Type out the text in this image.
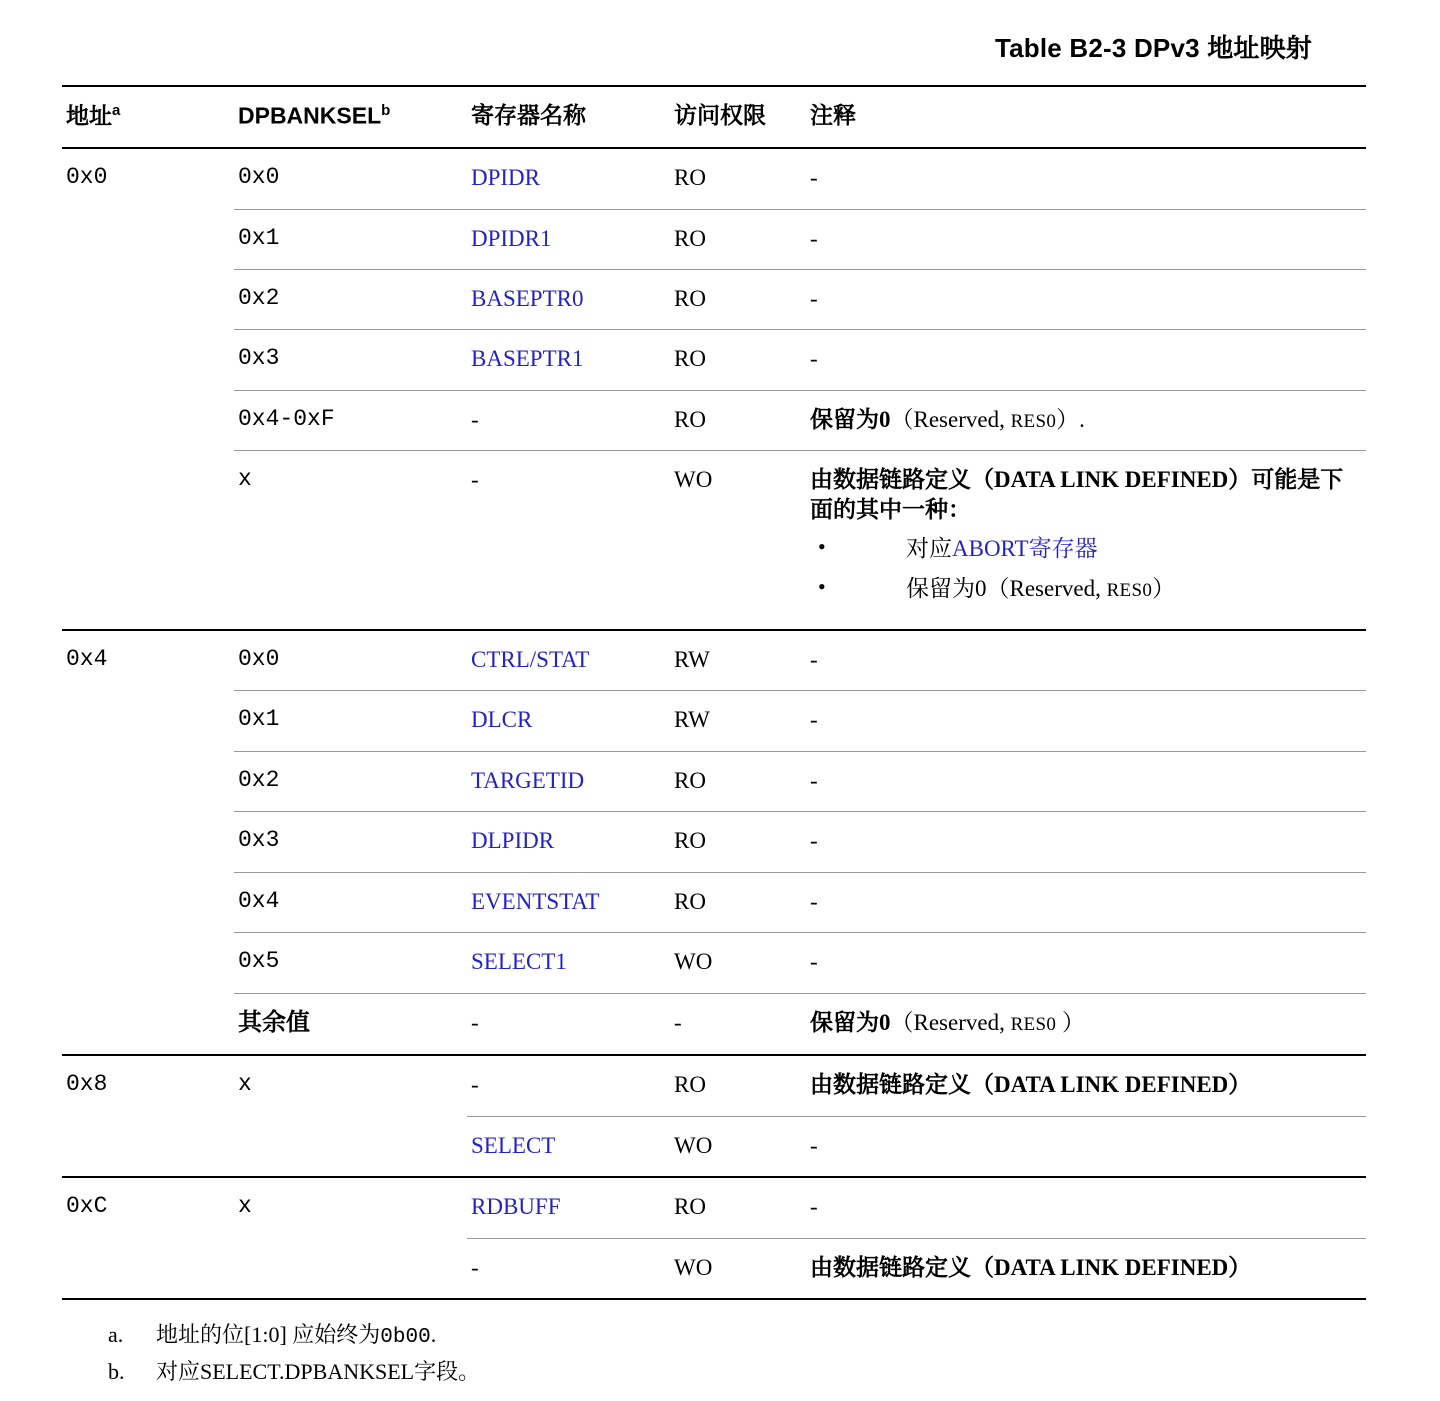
Table B2-3 DPv3 地址映射
地址$^a$	DPBANKSEL$^b$	寄存器名称	访问权限	注释
0x0	0x0	DPIDR	RO	-
	0x1	DPIDR1	RO	-
	0x2	BASEPTR0	RO	-
	0x3	BASEPTR1	RO	-
	0x4-0xF	-	RO	保留为0（Reserved, RES0）.
	x	-	WO	由数据链路定义（DATA LINK DEFINED）可能是下面的其中一种：
• 对应ABORT寄存器
• 保留为0（Reserved, RES0）

0x4	0x0	CTRL/STAT	RW	-
	0x1	DLCR	RW	-
	0x2	TARGETID	RO	-
	0x3	DLPIDR	RO	-
	0x4	EVENTSTAT	RO	-
	0x5	SELECT1	WO	-
	其余值	-	-	保留为0（Reserved, RES0 ）
0x8	x	-	RO	由数据链路定义（DATA LINK DEFINED）
		SELECT	WO	-
0xC	x	RDBUFF	RO	-
		-	WO	由数据链路定义（DATA LINK DEFINED）
a.	地址的位[1:0] 应始终为0b00.
b.	对应SELECT.DPBANKSEL字段。
